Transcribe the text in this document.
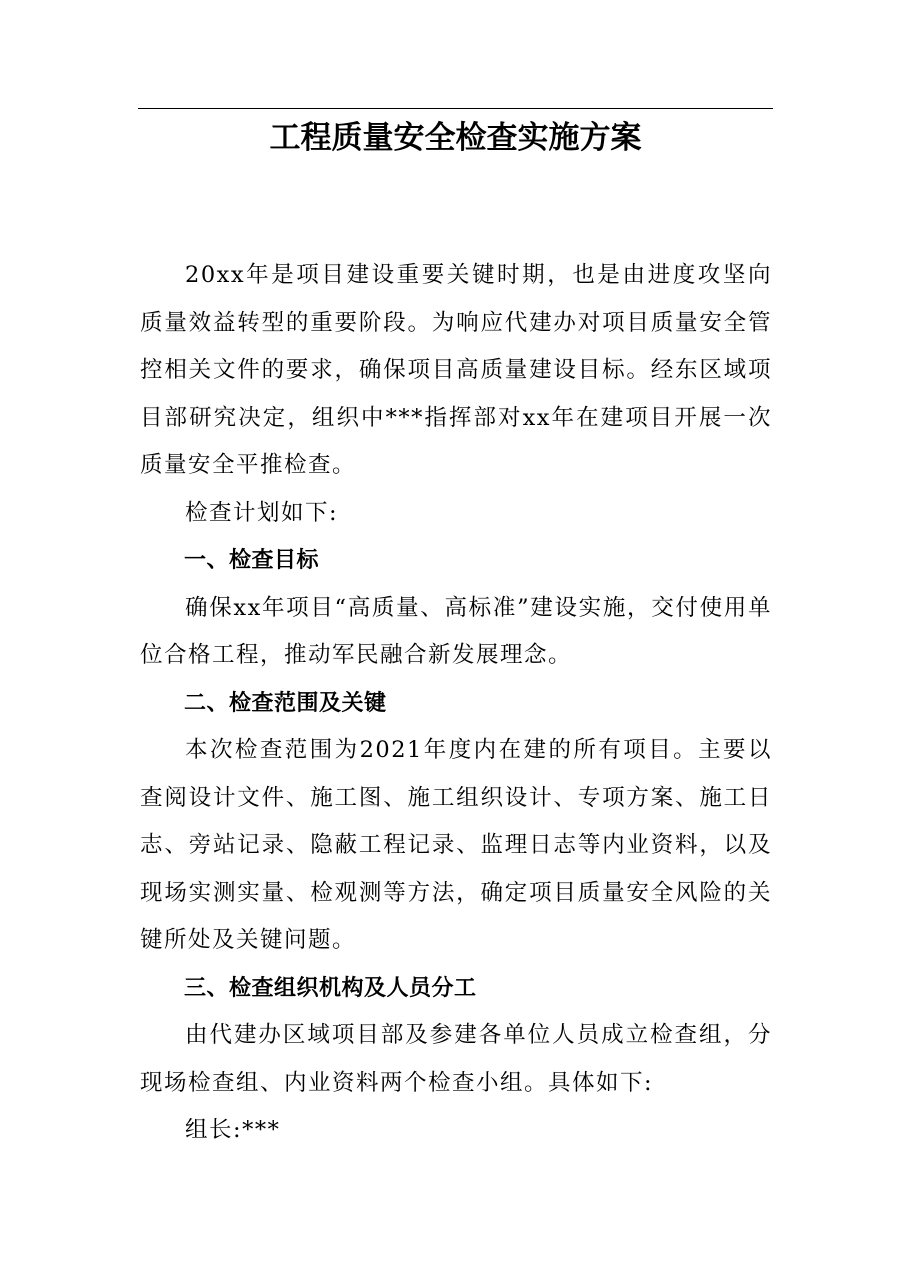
工程质量安全检查实施方案

20xx年是项目建设重要关键时期，也是由进度攻坚向质量效益转型的重要阶段。为响应代建办对项目质量安全管控相关文件的要求，确保项目高质量建设目标。经东区域项目部研究决定，组织中***指挥部对xx年在建项目开展一次质量安全平推检查。

检查计划如下:

一、检查目标

确保xx年项目“高质量、高标准”建设实施，交付使用单位合格工程，推动军民融合新发展理念。

二、检查范围及关键

本次检查范围为2021年度内在建的所有项目。主要以查阅设计文件、施工图、施工组织设计、专项方案、施工日志、旁站记录、隐蔽工程记录、监理日志等内业资料，以及现场实测实量、检观测等方法，确定项目质量安全风险的关键所处及关键问题。

三、检查组织机构及人员分工

由代建办区域项目部及参建各单位人员成立检查组，分现场检查组、内业资料两个检查小组。具体如下:

组长:***
